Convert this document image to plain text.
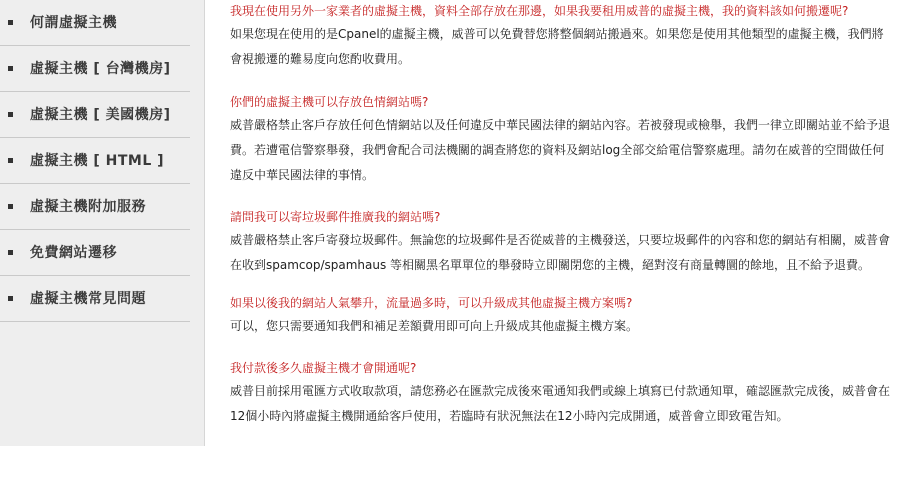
何謂虛擬主機
虛擬主機 [ 台灣機房]
虛擬主機 [ 美國機房]
虛擬主機 [ HTML ]
虛擬主機附加服務
免費網站遷移
虛擬主機常見問題

我現在使用另外一家業者的虛擬主機，資料全部存放在那邊，如果我要租用威普的虛擬主機，我的資料該如何搬遷呢?

如果您現在使用的是Cpanel的虛擬主機，威普可以免費替您將整個網站搬過來。如果您是使用其他類型的虛擬主機，我們將會視搬遷的難易度向您酌收費用。

你們的虛擬主機可以存放色情網站嗎?

威普嚴格禁止客戶存放任何色情網站以及任何違反中華民國法律的網站內容。若被發現或檢舉，我們一律立即關站並不給予退費。若遭電信警察舉發，我們會配合司法機關的調查將您的資料及網站log全部交給電信警察處理。請勿在威普的空間做任何違反中華民國法律的事情。

請問我可以寄垃圾郵件推廣我的網站嗎?

威普嚴格禁止客戶寄發垃圾郵件。無論您的垃圾郵件是否從威普的主機發送，只要垃圾郵件的內容和您的網站有相關，威普會在收到spamcop/spamhaus 等相關黑名單單位的舉發時立即關閉您的主機，絕對沒有商量轉圜的餘地，且不給予退費。

如果以後我的網站人氣攀升，流量過多時，可以升級成其他虛擬主機方案嗎?

可以，您只需要通知我們和補足差額費用即可向上升級成其他虛擬主機方案。

我付款後多久虛擬主機才會開通呢?

威普目前採用電匯方式收取款項，請您務必在匯款完成後來電通知我們或線上填寫已付款通知單，確認匯款完成後，威普會在12個小時內將虛擬主機開通給客戶使用，若臨時有狀況無法在12小時內完成開通，威普會立即致電告知。
